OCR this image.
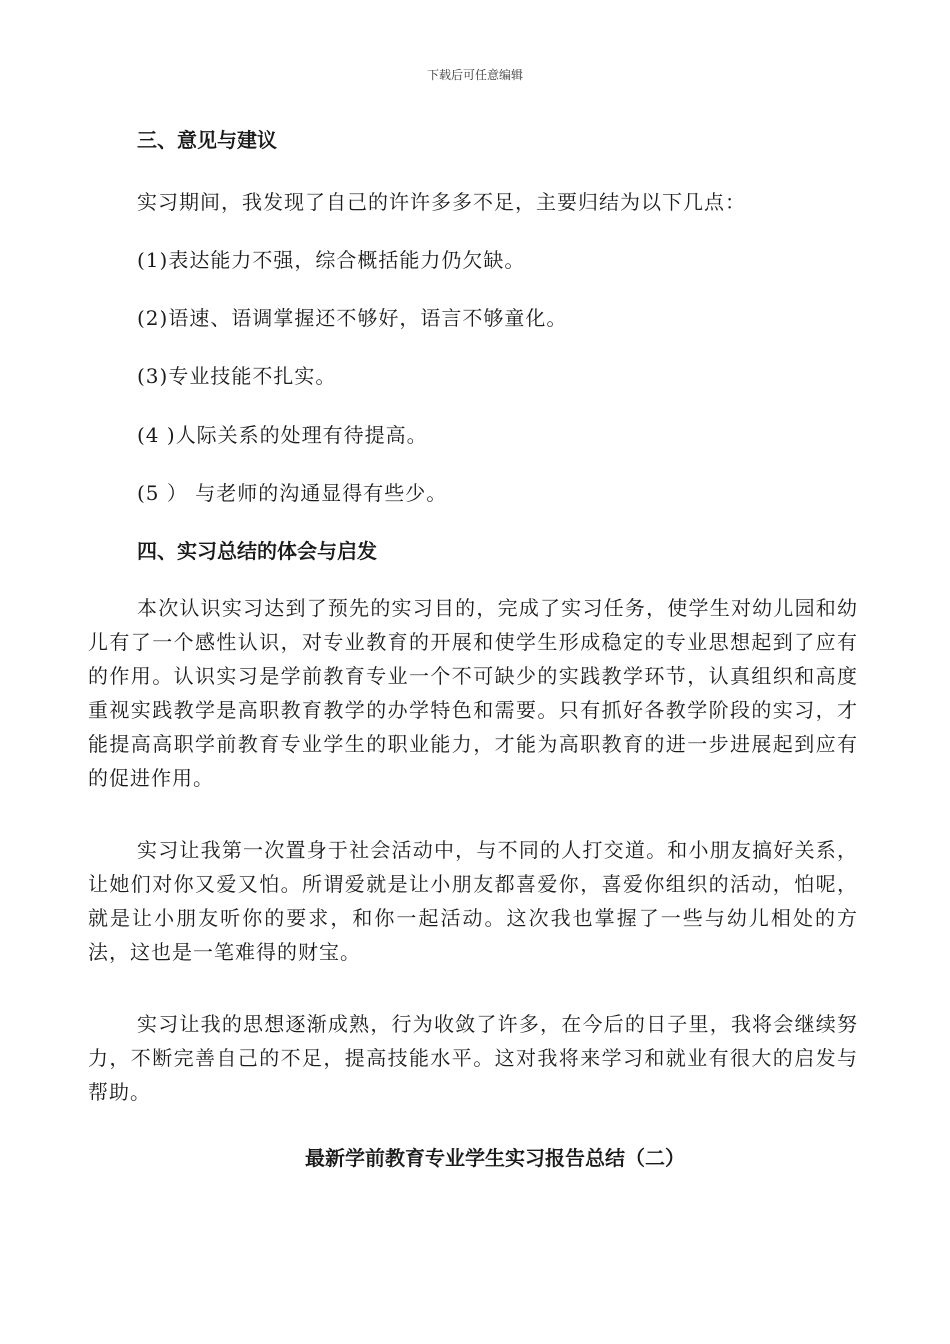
下载后可任意编辑
三、意见与建议

实习期间，我发现了自己的许许多多不足，主要归结为以下几点：

(1)表达能力不强，综合概括能力仍欠缺。

(2)语速、语调掌握还不够好，语言不够童化。

(3)专业技能不扎实。

(4 )人际关系的处理有待提高。

(5 ） 与老师的沟通显得有些少。

四、实习总结的体会与启发

本次认识实习达到了预先的实习目的，完成了实习任务，使学生对幼儿园和幼儿有了一个感性认识，对专业教育的开展和使学生形成稳定的专业思想起到了应有的作用。认识实习是学前教育专业一个不可缺少的实践教学环节，认真组织和高度重视实践教学是高职教育教学的办学特色和需要。只有抓好各教学阶段的实习，才能提高高职学前教育专业学生的职业能力，才能为高职教育的进一步进展起到应有的促进作用。

实习让我第一次置身于社会活动中，与不同的人打交道。和小朋友搞好关系，让她们对你又爱又怕。所谓爱就是让小朋友都喜爱你，喜爱你组织的活动，怕呢，就是让小朋友听你的要求，和你一起活动。这次我也掌握了一些与幼儿相处的方法，这也是一笔难得的财宝。

实习让我的思想逐渐成熟，行为收敛了许多，在今后的日子里，我将会继续努力，不断完善自己的不足，提高技能水平。这对我将来学习和就业有很大的启发与帮助。

最新学前教育专业学生实习报告总结（二）
